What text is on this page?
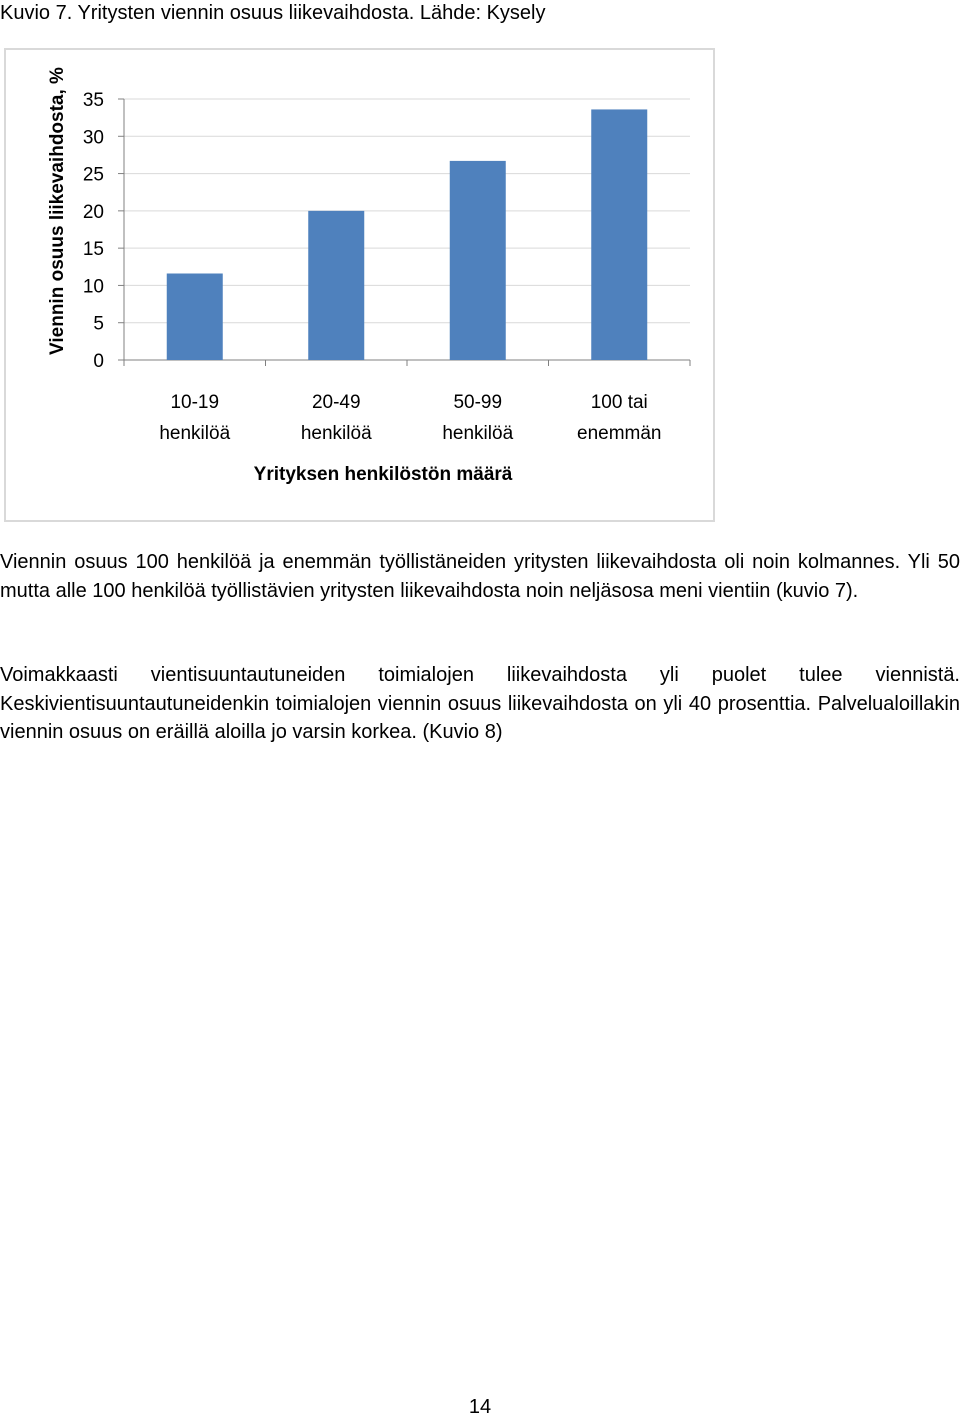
Kuvio 7. Yritysten viennin osuus liikevaihdosta. Lähde: Kysely
0
5
10
15
20
25
30
35
10-19
henkilöä
20-49
henkilöä
50-99
henkilöä
100 tai
enemmän
Yrityksen henkilöstön määrä
Viennin osuus liikevaihdosta, %

Viennin osuus 100 henkilöä ja enemmän työllistäneiden yritysten liikevaihdosta oli noin kolmannes. Yli 50 mutta alle 100 henkilöä työllistävien yritysten liikevaihdosta noin neljäsosa meni vientiin (kuvio 7).

Voimakkaasti vientisuuntautuneiden toimialojen liikevaihdosta yli puolet tulee viennistä. Keskivientisuuntautuneidenkin toimialojen viennin osuus liikevaihdosta on yli 40 prosenttia. Palvelualoillakin viennin osuus on eräillä aloilla jo varsin korkea. (Kuvio 8)

14
